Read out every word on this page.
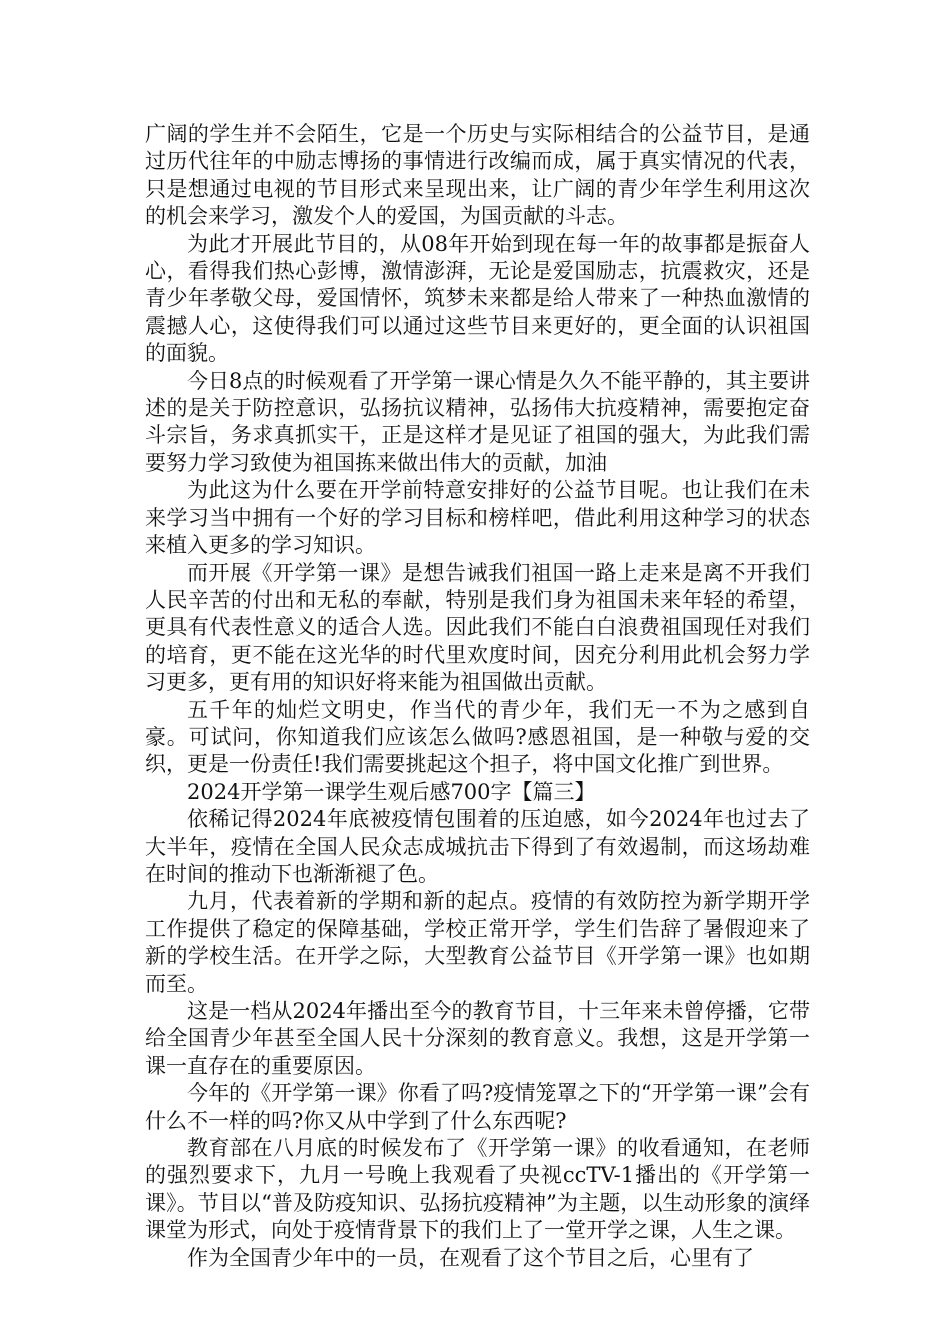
广阔的学生并不会陌生，它是一个历史与实际相结合的公益节目，是通过历代往年的中励志博扬的事情进行改编而成，属于真实情况的代表，只是想通过电视的节目形式来呈现出来，让广阔的青少年学生利用这次的机会来学习，激发个人的爱国，为国贡献的斗志。

为此才开展此节目的，从08年开始到现在每一年的故事都是振奋人心，看得我们热心彭博，激情澎湃，无论是爱国励志，抗震救灾，还是青少年孝敬父母，爱国情怀，筑梦未来都是给人带来了一种热血激情的震撼人心，这使得我们可以通过这些节目来更好的，更全面的认识祖国的面貌。

今日8点的时候观看了开学第一课心情是久久不能平静的，其主要讲述的是关于防控意识，弘扬抗议精神，弘扬伟大抗疫精神，需要抱定奋斗宗旨，务求真抓实干，正是这样才是见证了祖国的强大，为此我们需要努力学习致使为祖国拣来做出伟大的贡献，加油

为此这为什么要在开学前特意安排好的公益节目呢。也让我们在未来学习当中拥有一个好的学习目标和榜样吧，借此利用这种学习的状态来植入更多的学习知识。

而开展《开学第一课》是想告诫我们祖国一路上走来是离不开我们人民辛苦的付出和无私的奉献，特别是我们身为祖国未来年轻的希望，更具有代表性意义的适合人选。因此我们不能白白浪费祖国现任对我们的培育，更不能在这光华的时代里欢度时间，因充分利用此机会努力学习更多，更有用的知识好将来能为祖国做出贡献。

五千年的灿烂文明史，作当代的青少年，我们无一不为之感到自豪。可试问，你知道我们应该怎么做吗?感恩祖国，是一种敬与爱的交织，更是一份责任!我们需要挑起这个担子，将中国文化推广到世界。

2024开学第一课学生观后感700字【篇三】

依稀记得2024年底被疫情包围着的压迫感，如今2024年也过去了大半年，疫情在全国人民众志成城抗击下得到了有效遏制，而这场劫难在时间的推动下也渐渐褪了色。

九月，代表着新的学期和新的起点。疫情的有效防控为新学期开学工作提供了稳定的保障基础，学校正常开学，学生们告辞了暑假迎来了新的学校生活。在开学之际，大型教育公益节目《开学第一课》也如期而至。

这是一档从2024年播出至今的教育节目，十三年来未曾停播，它带给全国青少年甚至全国人民十分深刻的教育意义。我想，这是开学第一课一直存在的重要原因。

今年的《开学第一课》你看了吗?疫情笼罩之下的“开学第一课”会有什么不一样的吗?你又从中学到了什么东西呢?

教育部在八月底的时候发布了《开学第一课》的收看通知，在老师的强烈要求下，九月一号晚上我观看了央视ccTV-1播出的《开学第一课》。节目以“普及防疫知识、弘扬抗疫精神”为主题，以生动形象的演绎课堂为形式，向处于疫情背景下的我们上了一堂开学之课，人生之课。

作为全国青少年中的一员，在观看了这个节目之后，心里有了
